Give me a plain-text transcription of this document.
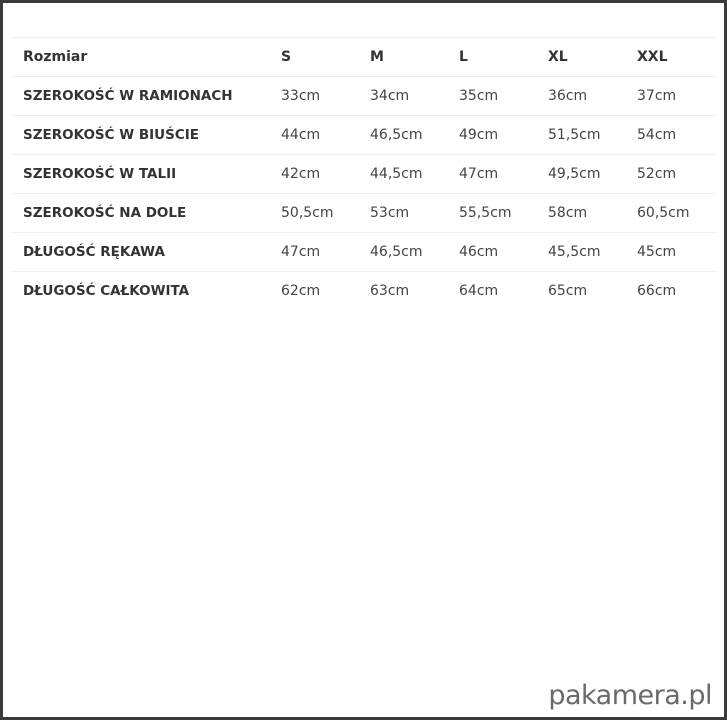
Rozmiar	S	M	L	XL	XXL
SZEROKOŚĆ W RAMIONACH	33cm	34cm	35cm	36cm	37cm
SZEROKOŚĆ W BIUŚCIE	44cm	46,5cm	49cm	51,5cm	54cm
SZEROKOŚĆ W TALII	42cm	44,5cm	47cm	49,5cm	52cm
SZEROKOŚĆ NA DOLE	50,5cm	53cm	55,5cm	58cm	60,5cm
DŁUGOŚĆ RĘKAWA	47cm	46,5cm	46cm	45,5cm	45cm
DŁUGOŚĆ CAŁKOWITA	62cm	63cm	64cm	65cm	66cm
pakamera.pl
